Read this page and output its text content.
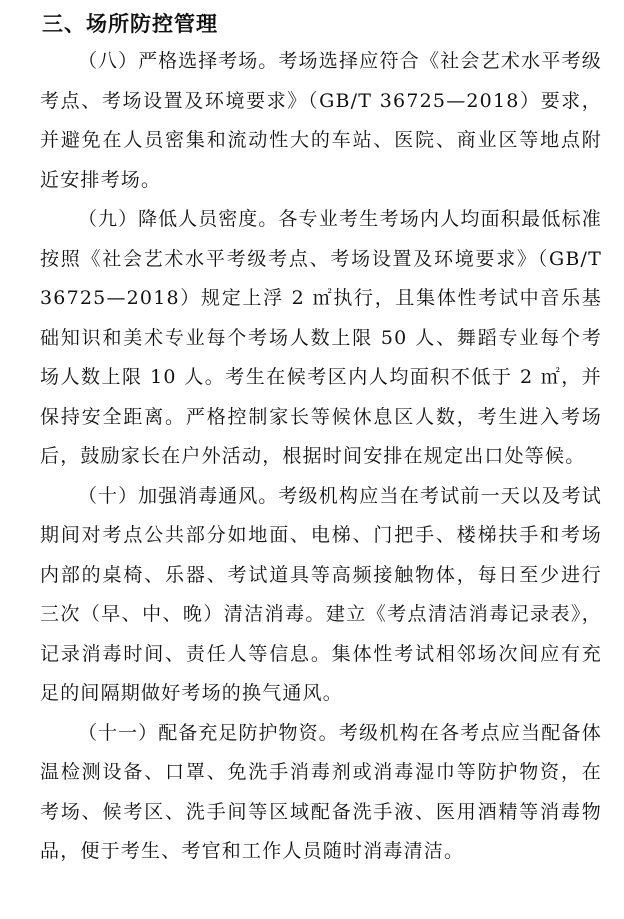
三、场所防控管理

（八）严格选择考场。考场选择应符合《社会艺术水平考级考点、考场设置及环境要求》（GB/T 36725—2018）要求，并避免在人员密集和流动性大的车站、医院、商业区等地点附近安排考场。

（九）降低人员密度。各专业考生考场内人均面积最低标准按照《社会艺术水平考级考点、考场设置及环境要求》（GB/T 36725—2018）规定上浮 2 ㎡执行，且集体性考试中音乐基础知识和美术专业每个考场人数上限 50 人、舞蹈专业每个考场人数上限 10 人。考生在候考区内人均面积不低于 2 ㎡，并保持安全距离。严格控制家长等候休息区人数，考生进入考场后，鼓励家长在户外活动，根据时间安排在规定出口处等候。

（十）加强消毒通风。考级机构应当在考试前一天以及考试期间对考点公共部分如地面、电梯、门把手、楼梯扶手和考场内部的桌椅、乐器、考试道具等高频接触物体，每日至少进行三次（早、中、晚）清洁消毒。建立《考点清洁消毒记录表》，记录消毒时间、责任人等信息。集体性考试相邻场次间应有充足的间隔期做好考场的换气通风。

（十一）配备充足防护物资。考级机构在各考点应当配备体温检测设备、口罩、免洗手消毒剂或消毒湿巾等防护物资，在考场、候考区、洗手间等区域配备洗手液、医用酒精等消毒物品，便于考生、考官和工作人员随时消毒清洁。
